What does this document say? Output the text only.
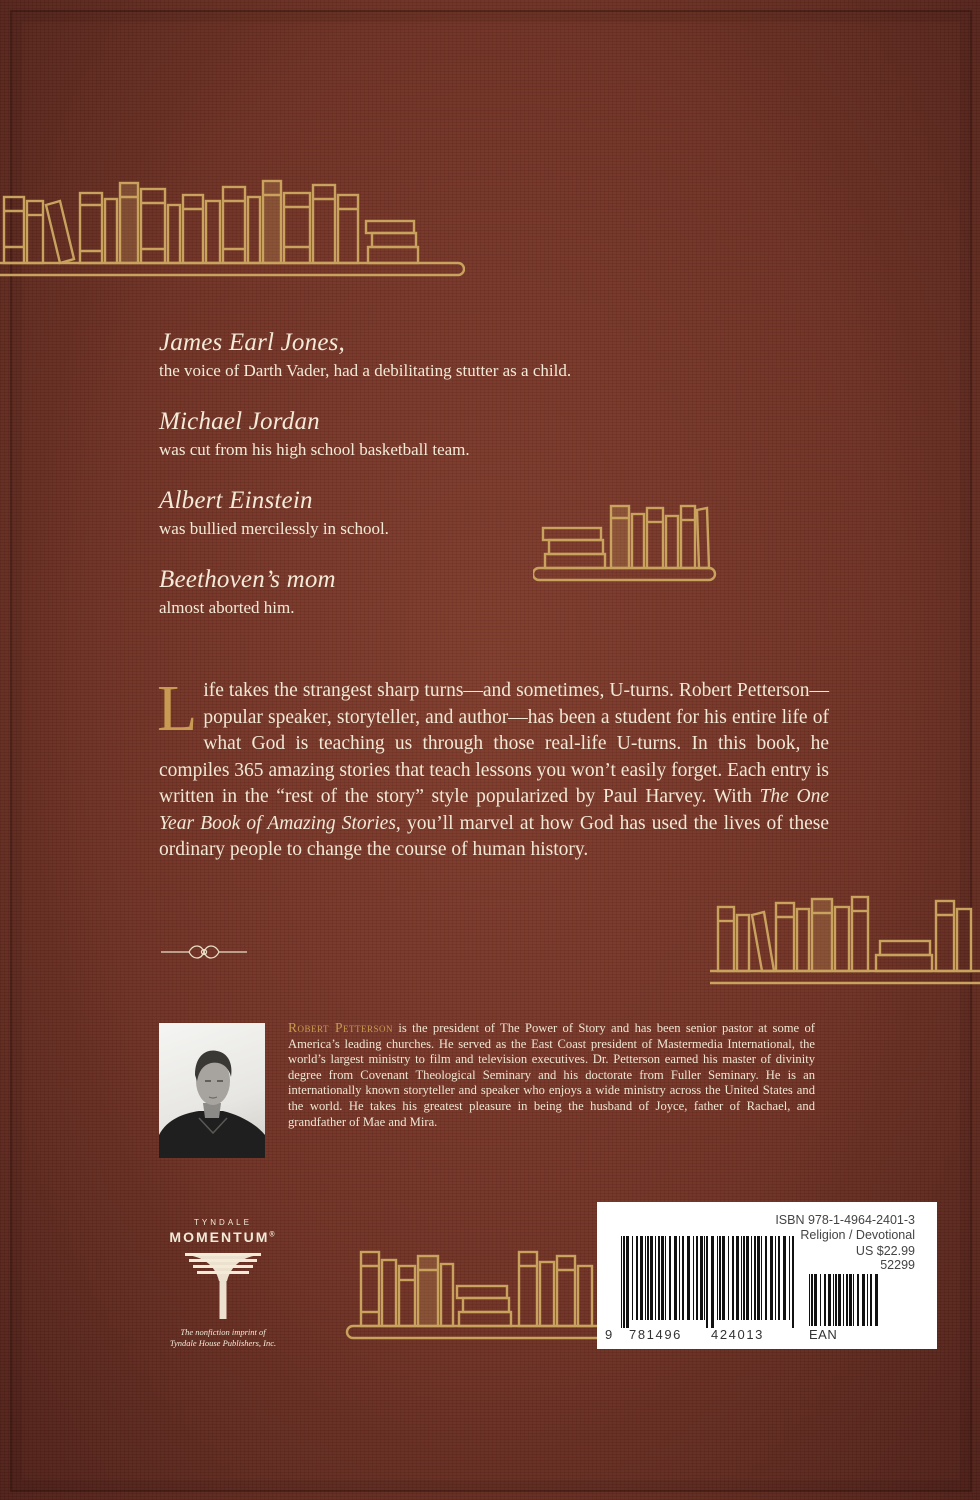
James Earl Jones,

the voice of Darth Vader, had a debilitating stutter as a child.

Michael Jordan

was cut from his high school basketball team.

Albert Einstein

was bullied mercilessly in school.

Beethoven’s mom

almost aborted him.

Life takes the strangest sharp turns—and sometimes, U-turns. Robert Petterson—popular speaker, storyteller, and author—has been a student for his entire life of what God is teaching us through those real-life U-turns. In this book, he compiles 365 amazing stories that teach lessons you won’t easily forget. Each entry is written in the “rest of the story” style popularized by Paul Harvey. With The One Year Book of Amazing Stories, you’ll marvel at how God has used the lives of these ordinary people to change the course of human history.

Robert Petterson is the president of The Power of Story and has been senior pastor at some of America’s leading churches. He served as the East Coast president of Mastermedia International, the world’s largest ministry to film and television executives. Dr. Petterson earned his master of divinity degree from Covenant Theological Seminary and his doctorate from Fuller Seminary. He is an internationally known storyteller and speaker who enjoys a wide ministry across the United States and the world. He takes his greatest pleasure in being the husband of Joyce, father of Rachael, and grandfather of Mae and Mira.

TYNDALE
MOMENTUM®
The nonfiction imprint of
Tyndale House Publishers, Inc.
ISBN 978-1-4964-2401-3
Religion / Devotional
US $22.99
52299
9 781496 424013	EAN
